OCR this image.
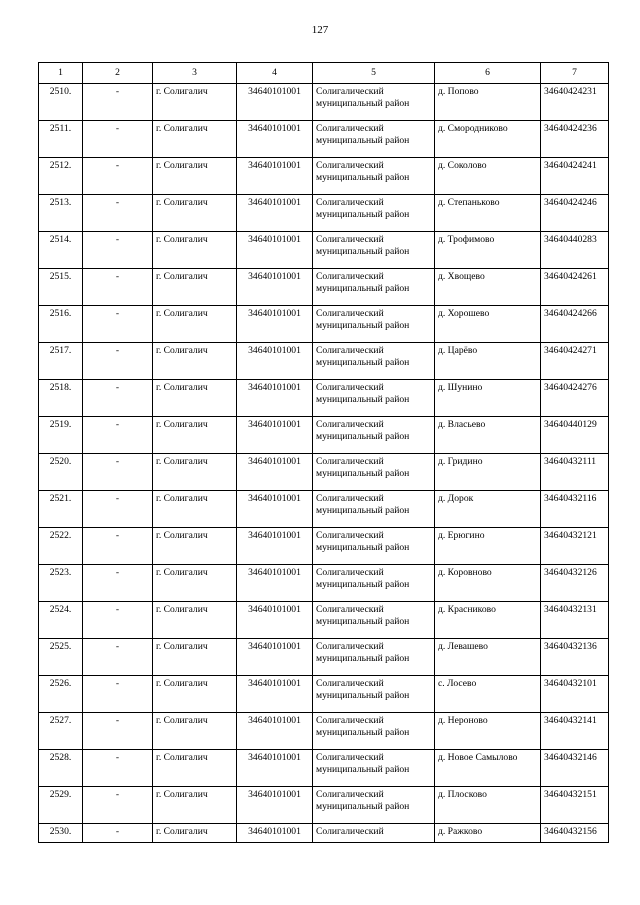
127
1	2	3	4	5	6	7
2510.	-	г. Солигалич	34640101001	Солигалический муниципальный район	д. Попово	34640424231
2511.	-	г. Солигалич	34640101001	Солигалический муниципальный район	д. Смородниково	34640424236
2512.	-	г. Солигалич	34640101001	Солигалический муниципальный район	д. Соколово	34640424241
2513.	-	г. Солигалич	34640101001	Солигалический муниципальный район	д. Степаньково	34640424246
2514.	-	г. Солигалич	34640101001	Солигалический муниципальный район	д. Трофимово	34640440283
2515.	-	г. Солигалич	34640101001	Солигалический муниципальный район	д. Хвощево	34640424261
2516.	-	г. Солигалич	34640101001	Солигалический муниципальный район	д. Хорошево	34640424266
2517.	-	г. Солигалич	34640101001	Солигалический муниципальный район	д. Царёво	34640424271
2518.	-	г. Солигалич	34640101001	Солигалический муниципальный район	д. Шунино	34640424276
2519.	-	г. Солигалич	34640101001	Солигалический муниципальный район	д. Власьево	34640440129
2520.	-	г. Солигалич	34640101001	Солигалический муниципальный район	д. Гридино	34640432111
2521.	-	г. Солигалич	34640101001	Солигалический муниципальный район	д. Дорок	34640432116
2522.	-	г. Солигалич	34640101001	Солигалический муниципальный район	д. Ерюгино	34640432121
2523.	-	г. Солигалич	34640101001	Солигалический муниципальный район	д. Коровново	34640432126
2524.	-	г. Солигалич	34640101001	Солигалический муниципальный район	д. Красниково	34640432131
2525.	-	г. Солигалич	34640101001	Солигалический муниципальный район	д. Левашево	34640432136
2526.	-	г. Солигалич	34640101001	Солигалический муниципальный район	с. Лосево	34640432101
2527.	-	г. Солигалич	34640101001	Солигалический муниципальный район	д. Нероново	34640432141
2528.	-	г. Солигалич	34640101001	Солигалический муниципальный район	д. Новое Самылово	34640432146
2529.	-	г. Солигалич	34640101001	Солигалический муниципальный район	д. Плосково	34640432151
2530.	-	г. Солигалич	34640101001	Солигалический	д. Ражково	34640432156
